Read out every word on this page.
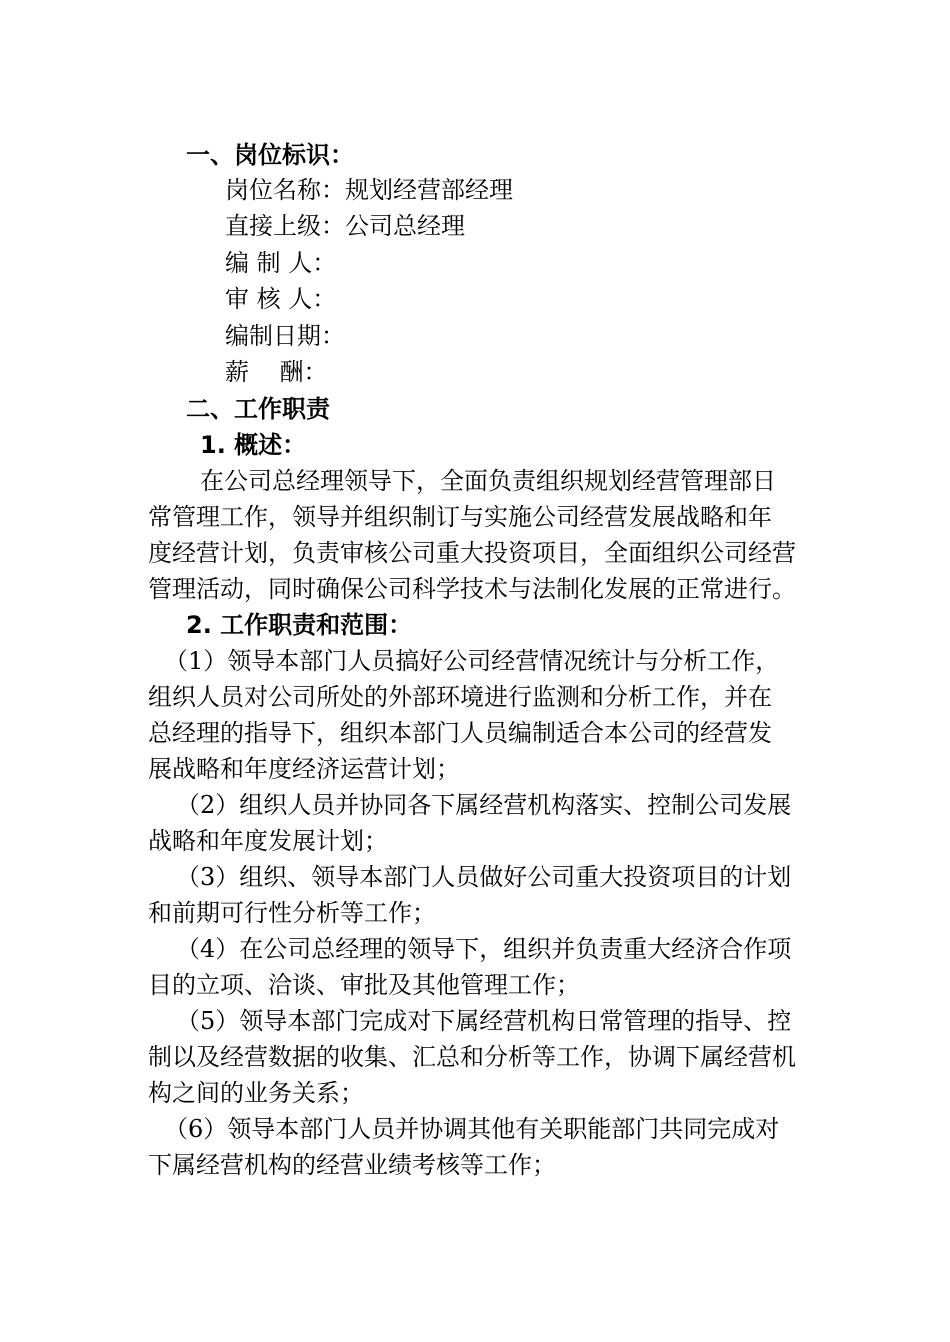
一、岗位标识：
岗位名称：规划经营部经理
直接上级：公司总经理
编 制 人：
审 核 人：
编制日期：
薪    酬：
二、工作职责
1. 概述：
在公司总经理领导下，全面负责组织规划经营管理部日
常管理工作，领导并组织制订与实施公司经营发展战略和年
度经营计划，负责审核公司重大投资项目，全面组织公司经营
管理活动，同时确保公司科学技术与法制化发展的正常进行。
2. 工作职责和范围：
（1）领导本部门人员搞好公司经营情况统计与分析工作，
组织人员对公司所处的外部环境进行监测和分析工作，并在
总经理的指导下，组织本部门人员编制适合本公司的经营发
展战略和年度经济运营计划；
（2）组织人员并协同各下属经营机构落实、控制公司发展
战略和年度发展计划；
（3）组织、领导本部门人员做好公司重大投资项目的计划
和前期可行性分析等工作；
（4）在公司总经理的领导下，组织并负责重大经济合作项
目的立项、洽谈、审批及其他管理工作；
（5）领导本部门完成对下属经营机构日常管理的指导、控
制以及经营数据的收集、汇总和分析等工作，协调下属经营机
构之间的业务关系；
（6）领导本部门人员并协调其他有关职能部门共同完成对
下属经营机构的经营业绩考核等工作；
